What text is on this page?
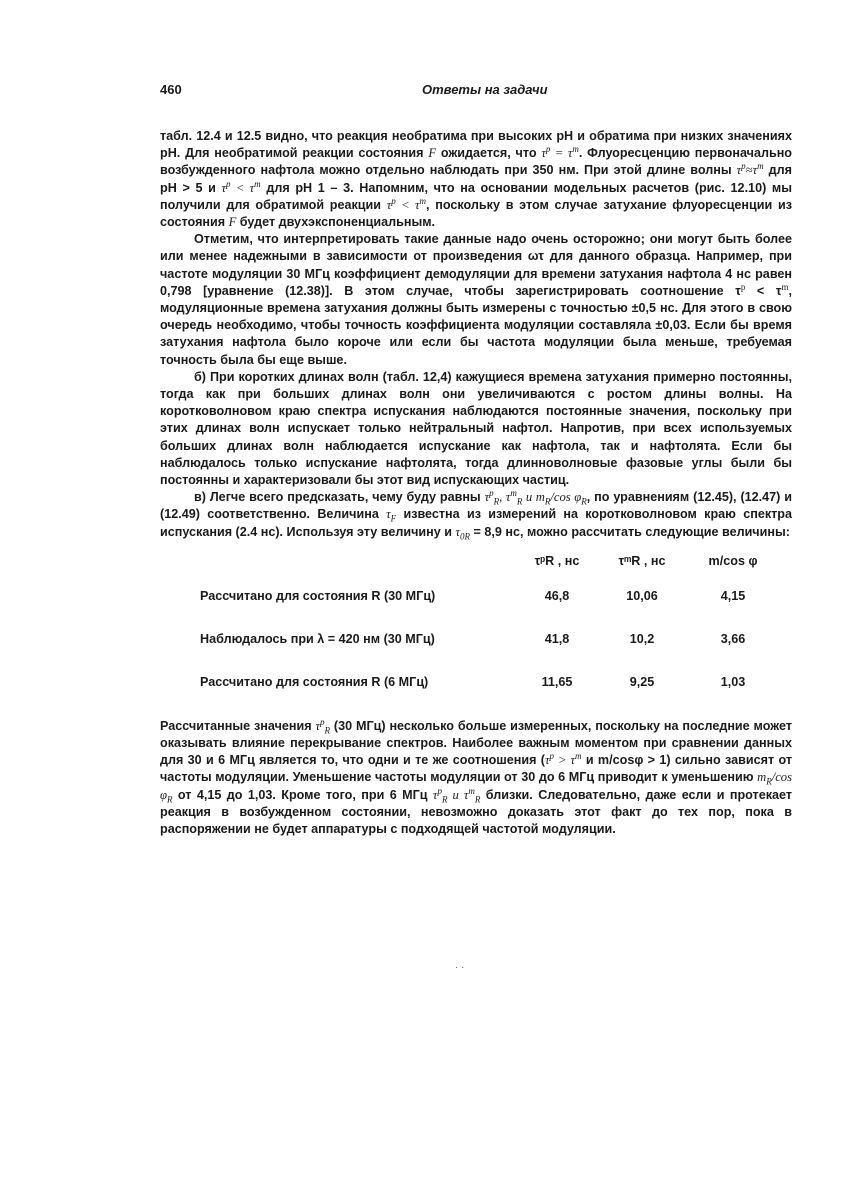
460	Ответы на задачи

табл. 12.4 и 12.5 видно, что реакция необратима при высоких pH и обратима при низких значениях pH. Для необратимой реакции состояния F ожидается, что $\tau^p = \tau^m$. Флуоресценцию первоначально возбужденного нафтола можно отдельно наблюдать при 350 нм. При этой длине волны $\tau^p\approx\tau^m$ для pH > 5 и $\tau^p < \tau^m$ для pH 1 – 3. Напомним, что на основании модельных расчетов (рис. 12.10) мы получили для обратимой реакции $\tau^p < \tau^m$, поскольку в этом случае затухание флуоресценции из состояния F будет двухэкспоненциальным.

Отметим, что интерпретировать такие данные надо очень осторожно; они могут быть более или менее надежными в зависимости от произведения ωτ для данного образца. Например, при частоте модуляции 30 МГц коэффициент демодуляции для времени затухания нафтола 4 нс равен 0,798 [уравнение (12.38)]. В этом случае, чтобы зарегистрировать соотношение $\tau^p < \tau^m$, модуляционные времена затухания должны быть измерены с точностью ±0,5 нс. Для этого в свою очередь необходимо, чтобы точность коэффициента модуляции составляла ±0,03. Если бы время затухания нафтола было короче или если бы частота модуляции была меньше, требуемая точность была бы еще выше.

б) При коротких длинах волн (табл. 12,4) кажущиеся времена затухания примерно постоянны, тогда как при больших длинах волн они увеличиваются с ростом длины волны. На коротковолновом краю спектра испускания наблюдаются постоянные значения, поскольку при этих длинах волн испускает только нейтральный нафтол. Напротив, при всех используемых больших длинах волн наблюдается испускание как нафтола, так и нафтолята. Если бы наблюдалось только испускание нафтолята, тогда длинноволновые фазовые углы были бы постоянны и характеризовали бы этот вид испускающих частиц.

в) Легче всего предсказать, чему буду равны $\tau^p_R$, $\tau^m_R$ и $m_R/\cos$ $\varphi_R$, по уравнениям (12.45), (12.47) и (12.49) соответственно. Величина $\tau_F$ известна из измерений на коротковолновом краю спектра испускания (2.4 нс). Используя эту величину и $\tau_{0R} = 8,9$ нс, можно рассчитать следующие величины:

	τᵖR , нс	τᵐR , нс	m/cos φ
Рассчитано для состояния R (30 МГц)	46,8	10,06	4,15
Наблюдалось при λ = 420 нм (30 МГц)	41,8	10,2	3,66
Рассчитано для состояния R (6 МГц)	11,65	9,25	1,03

Рассчитанные значения $\tau^p_R$ (30 МГц) несколько больше измеренных, поскольку на последние может оказывать влияние перекрывание спектров. Наиболее важным моментом при сравнении данных для 30 и 6 МГц является то, что одни и те же соотношения ($\tau^p > \tau^m$ и m/cosφ > 1) сильно зависят от частоты модуляции. Уменьшение частоты модуляции от 30 до 6 МГц приводит к уменьшению $m_R/\cos$ $\varphi_R$ от 4,15 до 1,03. Кроме того, при 6 МГц $\tau^p_R$ и $\tau^m_R$ близки. Следовательно, даже если и протекает реакция в возбужденном состоянии, невозможно доказать этот факт до тех пор, пока в распоряжении не будет аппаратуры с подходящей частотой модуляции.

· ·
